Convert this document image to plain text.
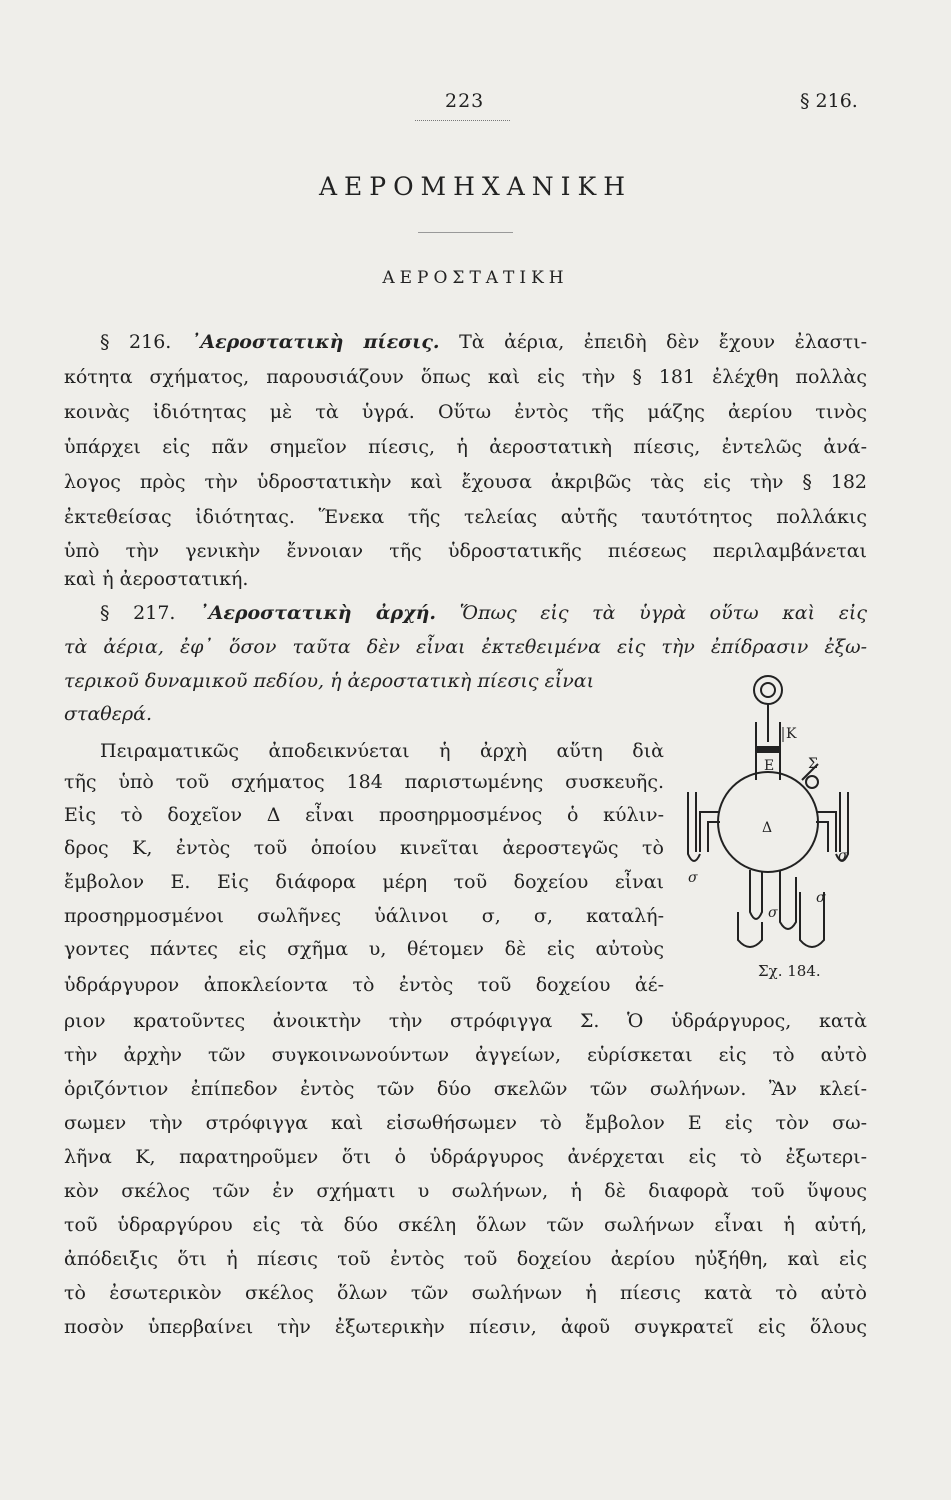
223	§ 216.
ΑΕΡΟΜΗΧΑΝΙΚΗ
ΑΕΡΟΣΤΑΤΙΚΗ
§ 216. ᾿Αεροστατικὴ πίεσις. Τὰ ἀέρια, ἐπειδὴ δὲν ἔχουν ἐλαστι-
κότητα σχήματος, παρουσιάζουν ὅπως καὶ εἰς τὴν § 181 ἐλέχθη πολλὰς
κοινὰς ἰδιότητας μὲ τὰ ὑγρά. Οὕτω ἐντὸς τῆς μάζης ἀερίου τινὸς
ὑπάρχει εἰς πᾶν σημεῖον πίεσις, ἡ ἀεροστατικὴ πίεσις, ἐντελῶς ἀνά-
λογος πρὸς τὴν ὑδροστατικὴν καὶ ἔχουσα ἀκριβῶς τὰς εἰς τὴν § 182
ἐκτεθείσας ἰδιότητας. Ἕνεκα τῆς τελείας αὐτῆς ταυτότητος πολλάκις
ὑπὸ τὴν γενικὴν ἔννοιαν τῆς ὑδροστατικῆς πιέσεως περιλαμβάνεται
καὶ ἡ ἀεροστατική.
§ 217. ᾿Αεροστατικὴ ἀρχή. Ὅπως εἰς τὰ ὑγρὰ οὕτω καὶ εἰς
τὰ ἀέρια, ἐφ᾿ ὅσον ταῦτα δὲν εἶναι ἐκτεθειμένα εἰς τὴν ἐπίδρασιν ἐξω-
τερικοῦ δυναμικοῦ πεδίου, ἡ ἀεροστατικὴ πίεσις εἶναι
σταθερά.
Πειραματικῶς ἀποδεικνύεται ἡ ἀρχὴ αὕτη διὰ
τῆς ὑπὸ τοῦ σχήματος 184 παριστωμένης συσκευῆς.
Εἰς τὸ δοχεῖον Δ εἶναι προσηρμοσμένος ὁ κύλιν-
δρος Κ, ἐντὸς τοῦ ὁποίου κινεῖται ἀεροστεγῶς τὸ
ἔμβολον Ε. Εἰς διάφορα μέρη τοῦ δοχείου εἶναι
προσηρμοσμένοι σωλῆνες ὑάλινοι σ, σ, καταλή-
γοντες πάντες εἰς σχῆμα υ, θέτομεν δὲ εἰς αὐτοὺς
ὑδράργυρον ἀποκλείοντα τὸ ἐντὸς τοῦ δοχείου ἀέ-
ριον κρατοῦντες ἀνοικτὴν τὴν στρόφιγγα Σ. Ὁ ὑδράργυρος, κατὰ
τὴν ἀρχὴν τῶν συγκοινωνούντων ἀγγείων, εὑρίσκεται εἰς τὸ αὐτὸ
ὁριζόντιον ἐπίπεδον ἐντὸς τῶν δύο σκελῶν τῶν σωλήνων. Ἂν κλεί-
σωμεν τὴν στρόφιγγα καὶ εἰσωθήσωμεν τὸ ἔμβολον Ε εἰς τὸν σω-
λῆνα Κ, παρατηροῦμεν ὅτι ὁ ὑδράργυρος ἀνέρχεται εἰς τὸ ἐξωτερι-
κὸν σκέλος τῶν ἐν σχήματι υ σωλήνων, ἡ δὲ διαφορὰ τοῦ ὕψους
τοῦ ὑδραργύρου εἰς τὰ δύο σκέλη ὅλων τῶν σωλήνων εἶναι ἡ αὐτή,
ἀπόδειξις ὅτι ἡ πίεσις τοῦ ἐντὸς τοῦ δοχείου ἀερίου ηὐξήθη, καὶ εἰς
τὸ ἐσωτερικὸν σκέλος ὅλων τῶν σωλήνων ἡ πίεσις κατὰ τὸ αὐτὸ
ποσὸν ὑπερβαίνει τὴν ἐξωτερικὴν πίεσιν, ἀφοῦ συγκρατεῖ εἰς ὅλους
Κ
Ε Σ
Δ
σ
σ
σ
σ
Σχ. 184.
